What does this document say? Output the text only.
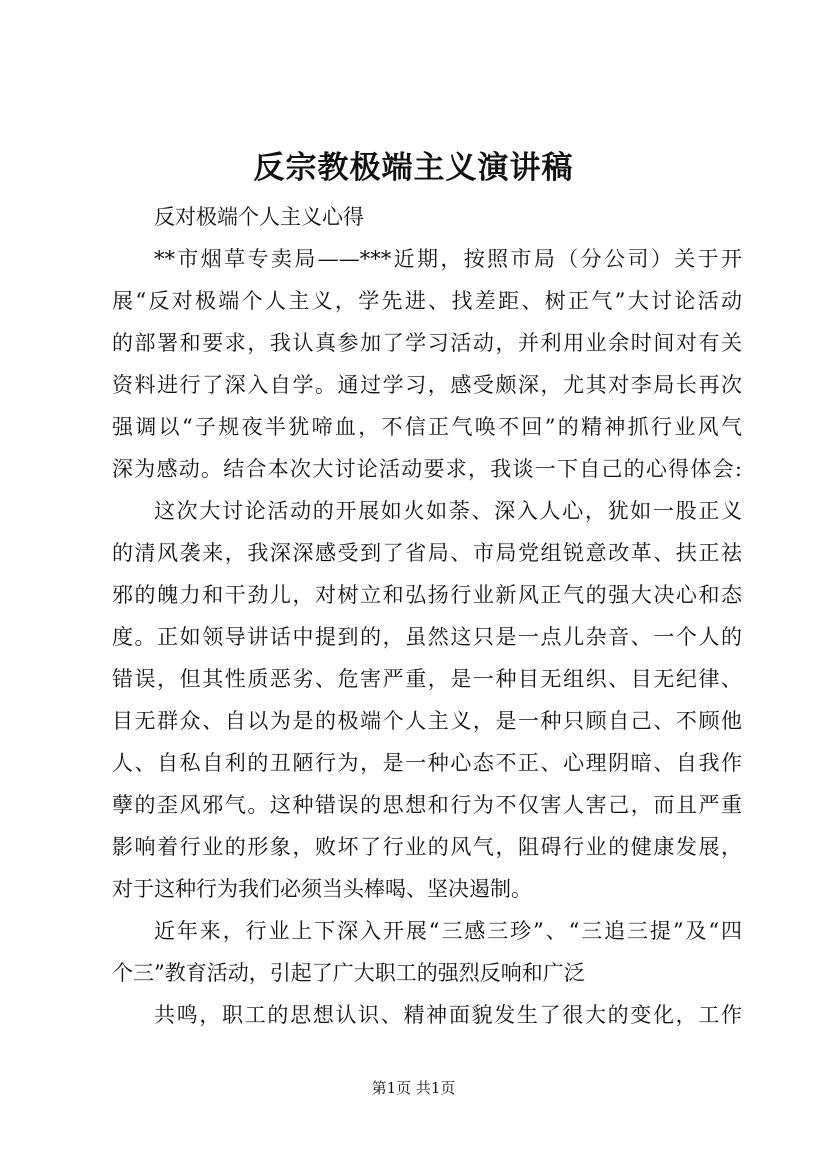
反宗教极端主义演讲稿
反对极端个人主义心得
**市烟草专卖局——***近期，按照市局（分公司）关于开
展“反对极端个人主义，学先进、找差距、树正气”大讨论活动
的部署和要求，我认真参加了学习活动，并利用业余时间对有关
资料进行了深入自学。通过学习，感受颇深，尤其对李局长再次
强调以“子规夜半犹啼血，不信正气唤不回”的精神抓行业风气
深为感动。结合本次大讨论活动要求，我谈一下自己的心得体会:
这次大讨论活动的开展如火如荼、深入人心，犹如一股正义
的清风袭来，我深深感受到了省局、市局党组锐意改革、扶正祛
邪的魄力和干劲儿，对树立和弘扬行业新风正气的强大决心和态
度。正如领导讲话中提到的，虽然这只是一点儿杂音、一个人的
错误，但其性质恶劣、危害严重，是一种目无组织、目无纪律、
目无群众、自以为是的极端个人主义，是一种只顾自己、不顾他
人、自私自利的丑陋行为，是一种心态不正、心理阴暗、自我作
孽的歪风邪气。这种错误的思想和行为不仅害人害己，而且严重
影响着行业的形象，败坏了行业的风气，阻碍行业的健康发展，
对于这种行为我们必须当头棒喝、坚决遏制。
近年来，行业上下深入开展“三感三珍”、“三追三提”及“四
个三”教育活动，引起了广大职工的强烈反响和广泛
共鸣，职工的思想认识、精神面貌发生了很大的变化，工作
第1页 共1页
